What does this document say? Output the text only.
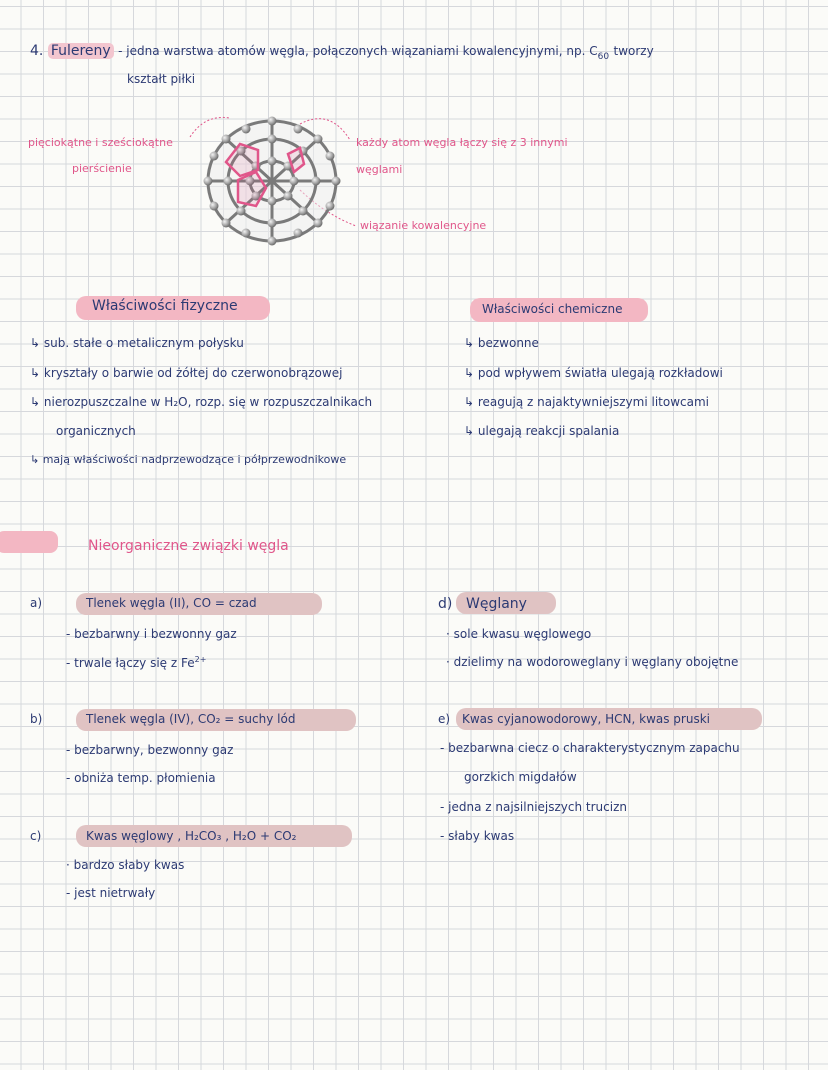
4. Fulereny - jedna warstwa atomów węgla, połączonych wiązaniami kowalencyjnymi, np. $C_{60}$ tworzy
kształt piłki
pięciokątne i sześciokątne
pierścienie
każdy atom węgla łączy się z 3 innymi
węglami
wiązanie kowalencyjne
Właściwości fizyczne
↳ sub. stałe o metalicznym połysku
↳ kryształy o barwie od żółtej do czerwonobrązowej
↳ nierozpuszczalne w H₂O, rozp. się w rozpuszczalnikach
organicznych
↳ mają właściwości nadprzewodzące i półprzewodnikowe
Właściwości chemiczne
↳ bezwonne
↳ pod wpływem światła ulegają rozkładowi
↳ reagują z najaktywniejszymi litowcami
↳ ulegają reakcji spalania
Nieorganiczne związki węgla
a)	Tlenek węgla (II), CO = czad
- bezbarwny i bezwonny gaz
- trwale łączy się z $Fe^{2+}$
b)	Tlenek węgla (IV), CO₂ = suchy lód
- bezbarwny, bezwonny gaz
- obniża temp. płomienia
c)	Kwas węglowy , H₂CO₃ , H₂O + CO₂
· bardzo słaby kwas
- jest nietrwały
d) Węglany
· sole kwasu węglowego
· dzielimy na wodoroweglany i węglany obojętne
e) Kwas cyjanowodorowy, HCN, kwas pruski
- bezbarwna ciecz o charakterystycznym zapachu
gorzkich migdałów
- jedna z najsilniejszych trucizn
- słaby kwas
